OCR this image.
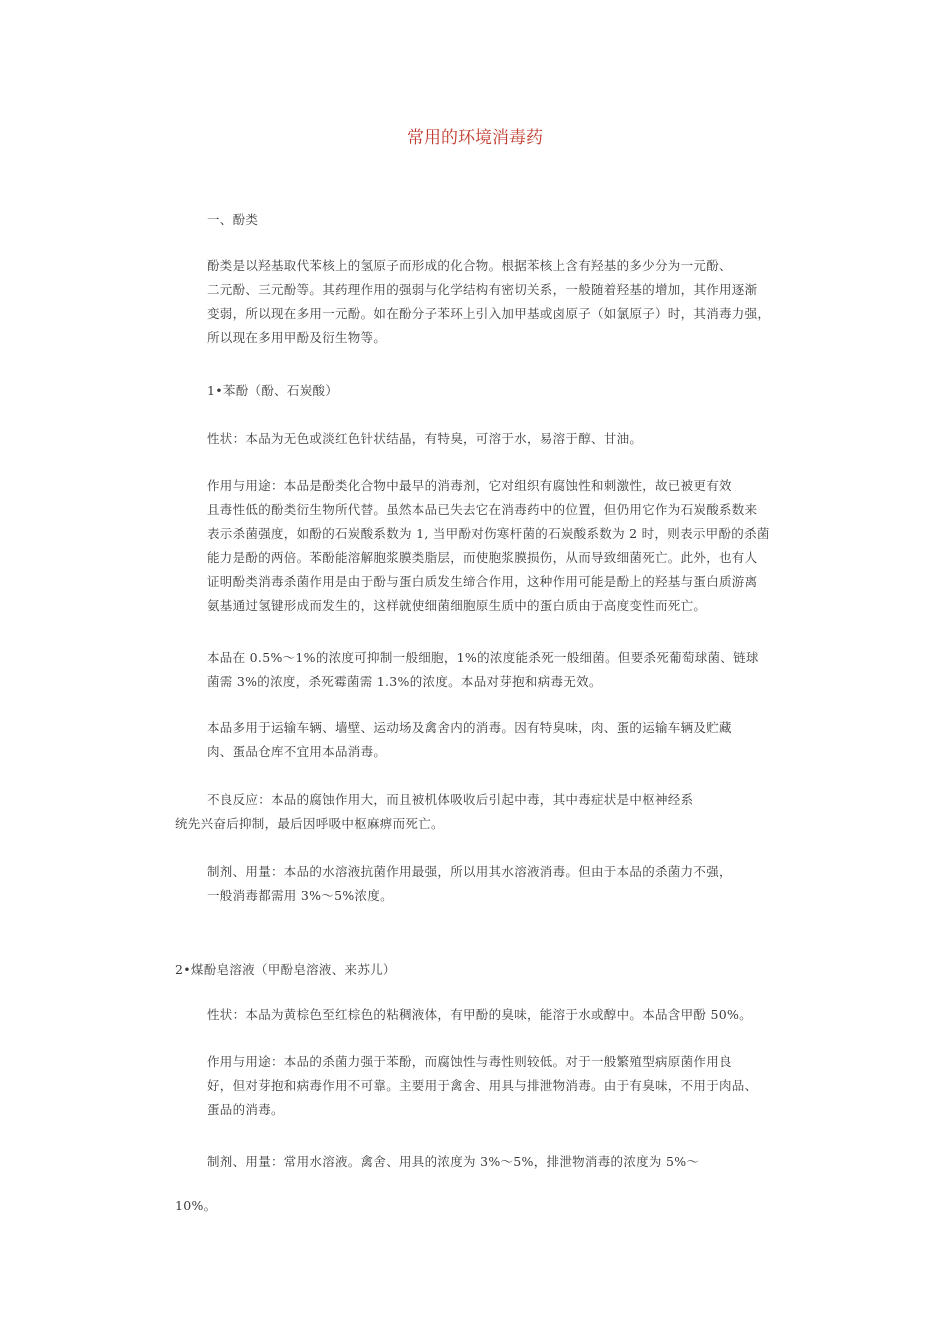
常用的环境消毒药

一、酚类

酚类是以羟基取代苯核上的氢原子而形成的化合物。根据苯核上含有羟基的多少分为一元酚、
二元酚、三元酚等。其药理作用的强弱与化学结构有密切关系，一般随着羟基的增加，其作用逐渐
变弱，所以现在多用一元酚。如在酚分子苯环上引入加甲基或卤原子（如氯原子）时，其消毒力强，
所以现在多用甲酚及衍生物等。

1•苯酚（酚、石炭酸）

性状：本品为无色或淡红色针状结晶，有特臭，可溶于水，易溶于醇、甘油。

作用与用途：本品是酚类化合物中最早的消毒剂，它对组织有腐蚀性和刺激性，故已被更有效
且毒性低的酚类衍生物所代替。虽然本品已失去它在消毒药中的位置，但仍用它作为石炭酸系数来
表示杀菌强度，如酚的石炭酸系数为 1, 当甲酚对伤寒杆菌的石炭酸系数为 2 时，则表示甲酚的杀菌
能力是酚的两倍。苯酚能溶解胞浆膜类脂层，而使胞浆膜损伤，从而导致细菌死亡。此外，也有人
证明酚类消毒杀菌作用是由于酚与蛋白质发生缔合作用，这种作用可能是酚上的羟基与蛋白质游离
氨基通过氢键形成而发生的，这样就使细菌细胞原生质中的蛋白质由于高度变性而死亡。

本品在 0.5%～1%的浓度可抑制一般细胞，1%的浓度能杀死一般细菌。但要杀死葡萄球菌、链球
菌需 3%的浓度，杀死霉菌需 1.3%的浓度。本品对芽抱和病毒无效。

本品多用于运输车辆、墙壁、运动场及禽舍内的消毒。因有特臭味，肉、蛋的运输车辆及贮藏
肉、蛋品仓库不宜用本品消毒。

不良反应：本品的腐蚀作用大，而且被机体吸收后引起中毒，其中毒症状是中枢神经系
统先兴奋后抑制，最后因呼吸中枢麻痹而死亡。

制剂、用量：本品的水溶液抗菌作用最强，所以用其水溶液消毒。但由于本品的杀菌力不强，
一般消毒都需用 3%～5%浓度。

2•煤酚皂溶液（甲酚皂溶液、来苏儿）

性状：本品为黄棕色至红棕色的粘稠液体，有甲酚的臭味，能溶于水或醇中。本品含甲酚 50%。

作用与用途：本品的杀菌力强于苯酚，而腐蚀性与毒性则较低。对于一般繁殖型病原菌作用良
好，但对芽抱和病毒作用不可靠。主要用于禽舍、用具与排泄物消毒。由于有臭味，不用于肉品、
蛋品的消毒。

制剂、用量：常用水溶液。禽舍、用具的浓度为 3%～5%，排泄物消毒的浓度为 5%～

10%。
